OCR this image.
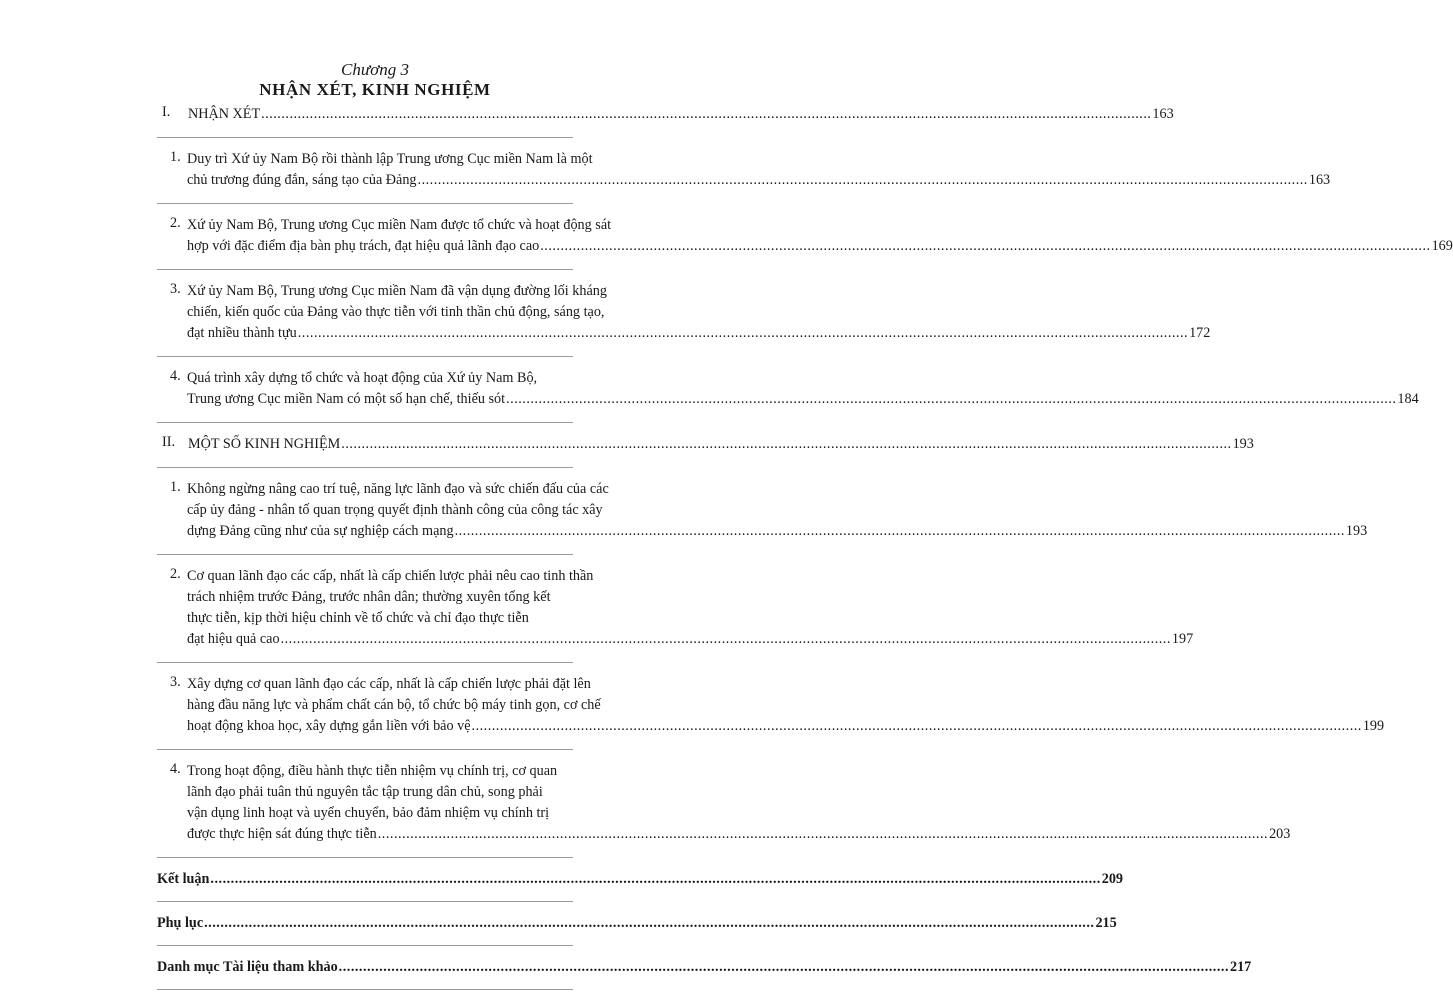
Chương 3
NHẬN XÉT, KINH NGHIỆM
I. NHẬN XÉT ............................................................................................................................................................................................................................ 163
1. Duy trì Xứ ủy Nam Bộ rồi thành lập Trung ương Cục miền Nam là một
chủ trương đúng đắn, sáng tạo của Đảng ............................................................................................................................................................................................................................ 163
2. Xứ ủy Nam Bộ, Trung ương Cục miền Nam được tổ chức và hoạt động sát
hợp với đặc điểm địa bàn phụ trách, đạt hiệu quả lãnh đạo cao ............................................................................................................................................................................................................................ 169
3. Xứ ủy Nam Bộ, Trung ương Cục miền Nam đã vận dụng đường lối kháng
chiến, kiến quốc của Đảng vào thực tiễn với tinh thần chủ động, sáng tạo,
đạt nhiều thành tựu ............................................................................................................................................................................................................................ 172
4. Quá trình xây dựng tổ chức và hoạt động của Xứ ủy Nam Bộ,
Trung ương Cục miền Nam có một số hạn chế, thiếu sót ............................................................................................................................................................................................................................ 184
II. MỘT SỐ KINH NGHIỆM ............................................................................................................................................................................................................................ 193
1. Không ngừng nâng cao trí tuệ, năng lực lãnh đạo và sức chiến đấu của các
cấp ủy đảng - nhân tố quan trọng quyết định thành công của công tác xây
dựng Đảng cũng như của sự nghiệp cách mạng ............................................................................................................................................................................................................................ 193
2. Cơ quan lãnh đạo các cấp, nhất là cấp chiến lược phải nêu cao tinh thần
trách nhiệm trước Đảng, trước nhân dân; thường xuyên tổng kết
thực tiễn, kịp thời hiệu chỉnh về tổ chức và chỉ đạo thực tiễn
đạt hiệu quả cao ............................................................................................................................................................................................................................ 197
3. Xây dựng cơ quan lãnh đạo các cấp, nhất là cấp chiến lược phải đặt lên
hàng đầu năng lực và phẩm chất cán bộ, tổ chức bộ máy tinh gọn, cơ chế
hoạt động khoa học, xây dựng gắn liền với bảo vệ ............................................................................................................................................................................................................................ 199
4. Trong hoạt động, điều hành thực tiễn nhiệm vụ chính trị, cơ quan
lãnh đạo phải tuân thủ nguyên tắc tập trung dân chủ, song phải
vận dụng linh hoạt và uyển chuyển, bảo đảm nhiệm vụ chính trị
được thực hiện sát đúng thực tiễn ............................................................................................................................................................................................................................ 203
Kết luận ............................................................................................................................................................................................................................ 209
Phụ lục ............................................................................................................................................................................................................................ 215
Danh mục Tài liệu tham khảo ............................................................................................................................................................................................................................ 217
